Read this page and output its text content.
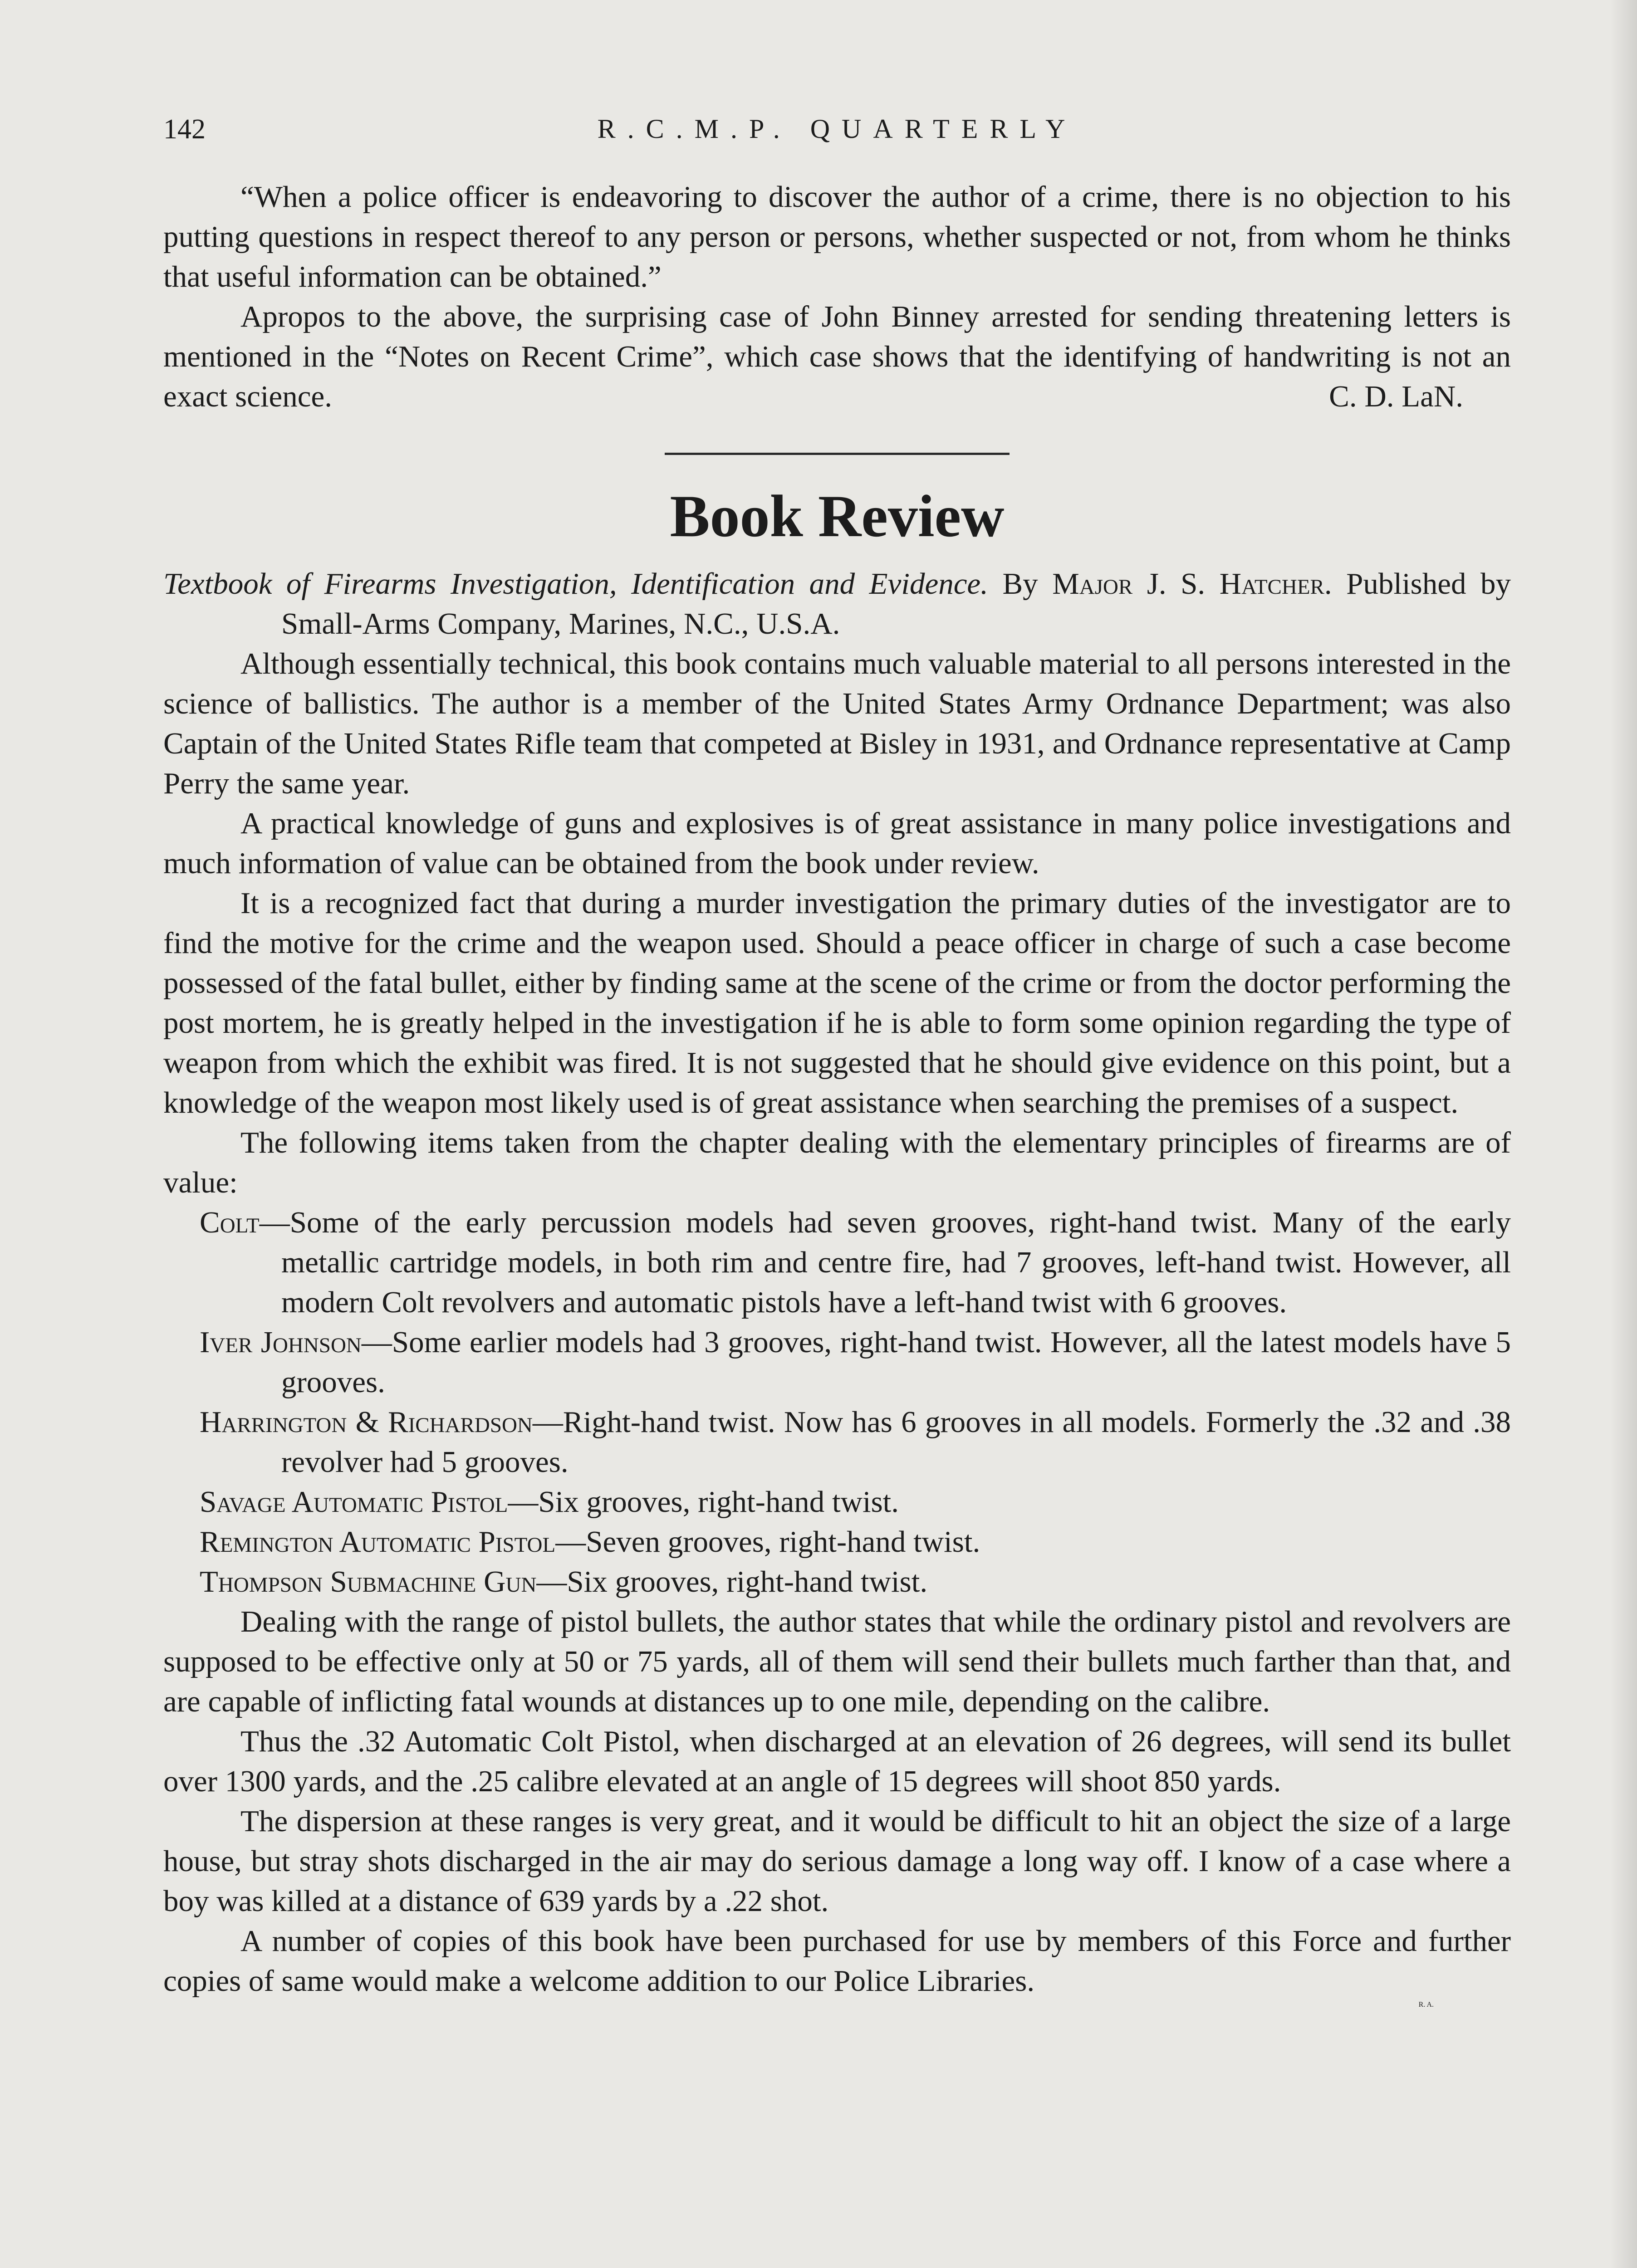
142	R.C.M.P. QUARTERLY

“When a police officer is endeavoring to discover the author of a crime, there is no objection to his putting questions in respect thereof to any person or persons, whether suspected or not, from whom he thinks that useful information can be obtained.”

Apropos to the above, the surprising case of John Binney arrested for sending threatening letters is mentioned in the “Notes on Recent Crime”, which case shows that the identifying of handwriting is not an exact science.	C. D. LaN.

Book Review
Textbook of Firearms Investigation, Identification and Evidence. By Major J. S. Hatcher. Published by Small-Arms Company, Marines, N.C., U.S.A.

Although essentially technical, this book contains much valuable material to all persons interested in the science of ballistics. The author is a member of the United States Army Ordnance Department; was also Captain of the United States Rifle team that competed at Bisley in 1931, and Ordnance representative at Camp Perry the same year.

A practical knowledge of guns and explosives is of great assistance in many police investigations and much information of value can be obtained from the book under review.

It is a recognized fact that during a murder investigation the primary duties of the investigator are to find the motive for the crime and the weapon used. Should a peace officer in charge of such a case become possessed of the fatal bullet, either by finding same at the scene of the crime or from the doctor performing the post mortem, he is greatly helped in the investigation if he is able to form some opinion regarding the type of weapon from which the exhibit was fired. It is not suggested that he should give evidence on this point, but a knowledge of the weapon most likely used is of great assistance when searching the premises of a suspect.

The following items taken from the chapter dealing with the elementary principles of firearms are of value:

Colt—Some of the early percussion models had seven grooves, right-hand twist. Many of the early metallic cartridge models, in both rim and centre fire, had 7 grooves, left-hand twist. However, all modern Colt revolvers and automatic pistols have a left-hand twist with 6 grooves.
Iver Johnson—Some earlier models had 3 grooves, right-hand twist. However, all the latest models have 5 grooves.
Harrington & Richardson—Right-hand twist. Now has 6 grooves in all models. Formerly the .32 and .38 revolver had 5 grooves.
Savage Automatic Pistol—Six grooves, right-hand twist.
Remington Automatic Pistol—Seven grooves, right-hand twist.
Thompson Submachine Gun—Six grooves, right-hand twist.

Dealing with the range of pistol bullets, the author states that while the ordinary pistol and revolvers are supposed to be effective only at 50 or 75 yards, all of them will send their bullets much farther than that, and are capable of inflicting fatal wounds at distances up to one mile, depending on the calibre.

Thus the .32 Automatic Colt Pistol, when discharged at an elevation of 26 degrees, will send its bullet over 1300 yards, and the .25 calibre elevated at an angle of 15 degrees will shoot 850 yards.

The dispersion at these ranges is very great, and it would be difficult to hit an object the size of a large house, but stray shots discharged in the air may do serious damage a long way off. I know of a case where a boy was killed at a distance of 639 yards by a .22 shot.

A number of copies of this book have been purchased for use by members of this Force and further copies of same would make a welcome addition to our Police Libraries.

R. A.
